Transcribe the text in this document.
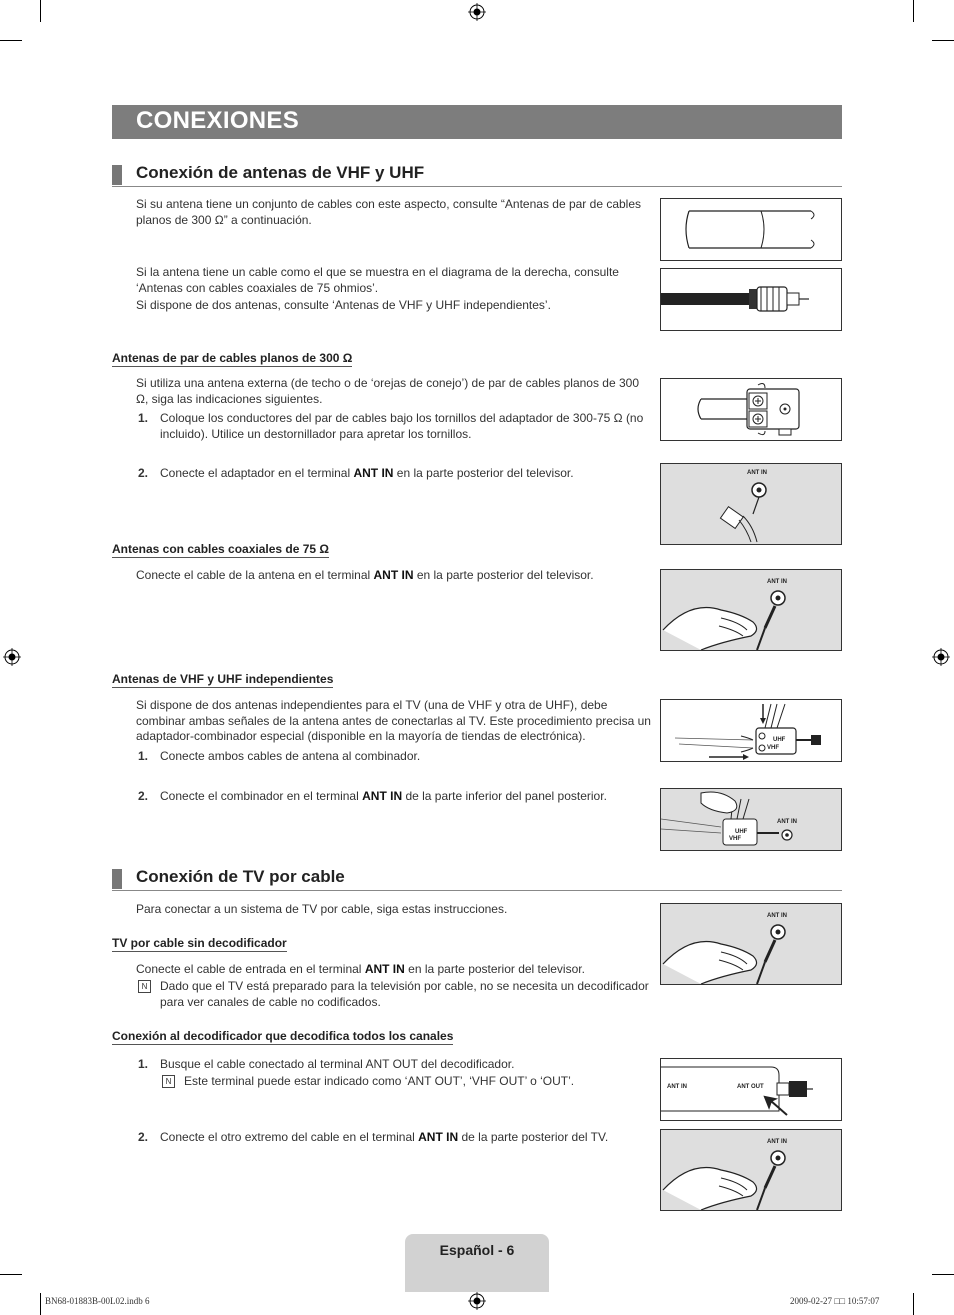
CONEXIONES
Conexión de antenas de VHF y UHF
Si su antena tiene un conjunto de cables con este aspecto, consulte “Antenas de par de cables planos de 300 Ω” a continuación.
Si la antena tiene un cable como el que se muestra en el diagrama de la derecha, consulte ‘Antenas con cables coaxiales de 75 ohmios’.
Si dispone de dos antenas, consulte ‘Antenas de VHF y UHF independientes’.
Antenas de par de cables planos de 300 Ω
Si utiliza una antena externa (de techo o de ‘orejas de conejo’) de par de cables planos de 300 Ω, siga las indicaciones siguientes.
1. Coloque los conductores del par de cables bajo los tornillos del adaptador de 300-75 Ω (no incluido). Utilice un destornillador para apretar los tornillos.
2. Conecte el adaptador en el terminal ANT IN en la parte posterior del televisor.	ANT IN
Antenas con cables coaxiales de 75 Ω
Conecte el cable de la antena en el terminal ANT IN en la parte posterior del televisor.	ANT IN
Antenas de VHF y UHF independientes
Si dispone de dos antenas independientes para el TV (una de VHF y otra de UHF), debe combinar ambas señales de la antena antes de conectarlas al TV. Este procedimiento precisa un adaptador-combinador especial (disponible en la mayoría de tiendas de electrónica).
1. Conecte ambos cables de antena al combinador.
2. Conecte el combinador en el terminal ANT IN de la parte inferior del panel posterior.
UHF
VHF
ANT IN
UHF
VHF
Conexión de TV por cable
Para conectar a un sistema de TV por cable, siga estas instrucciones.
TV por cable sin decodificador
Conecte el cable de entrada en el terminal ANT IN en la parte posterior del televisor.
N	Dado que el TV está preparado para la televisión por cable, no se necesita un decodificador para ver canales de cable no codificados.
ANT IN
Conexión al decodificador que decodifica todos los canales
1. Busque el cable conectado al terminal ANT OUT del decodificador.
N	Este terminal puede estar indicado como ‘ANT OUT’, ‘VHF OUT’ o ‘OUT’.
2. Conecte el otro extremo del cable en el terminal ANT IN de la parte posterior del TV.
ANT IN	ANT OUT
ANT IN
Español - 6
BN68-01883B-00L02.indb 6	2009-02-27 □□ 10:57:07
